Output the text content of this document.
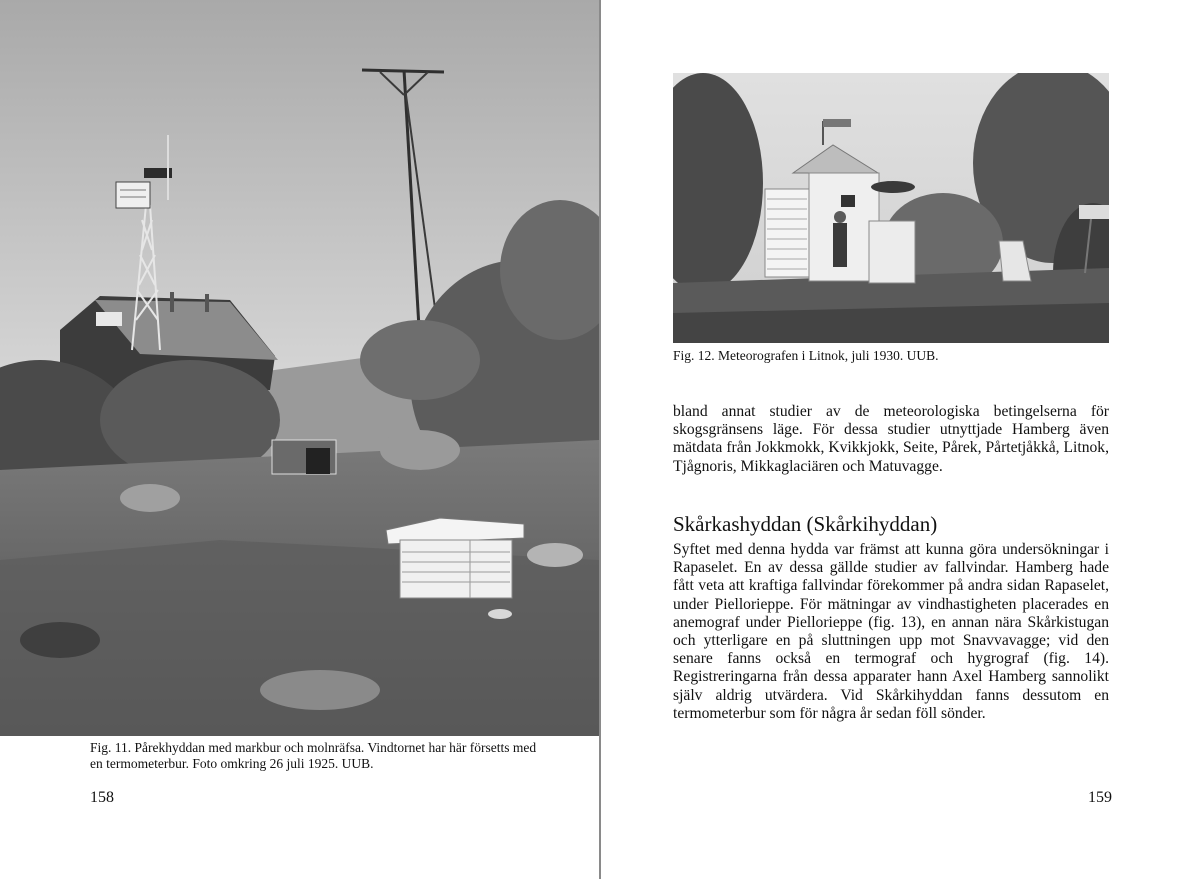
Fig. 11. Pårekhyddan med markbur och molnräfsa. Vindtornet har här försetts med en termometerbur. Foto omkring 26 juli 1925. UUB.
158
Fig. 12. Meteorografen i Litnok, juli 1930. UUB.

bland annat studier av de meteorologiska betingelserna för skogsgränsens läge. För dessa studier utnyttjade Hamberg även mätdata från Jokkmokk, Kvikkjokk, Seite, Pårek, Pårtetjåkkå, Litnok, Tjågnoris, Mikkaglaciären och Matuvagge.

Skårkashyddan (Skårkihyddan)

Syftet med denna hydda var främst att kunna göra undersökningar i Rapaselet. En av dessa gällde studier av fallvindar. Hamberg hade fått veta att kraftiga fallvindar förekommer på andra sidan Rapaselet, under Pielloriеppe. För mätningar av vindhastigheten placerades en anemograf under Pielloriеppe (fig. 13), en annan nära Skårkistugan och ytterligare en på sluttningen upp mot Snavvavagge; vid den senare fanns också en termograf och hygrograf (fig. 14). Registreringarna från dessa apparater hann Axel Hamberg sannolikt själv aldrig utvärdera. Vid Skårkihyddan fanns dessutom en termometerbur som för några år sedan föll sönder.

159
